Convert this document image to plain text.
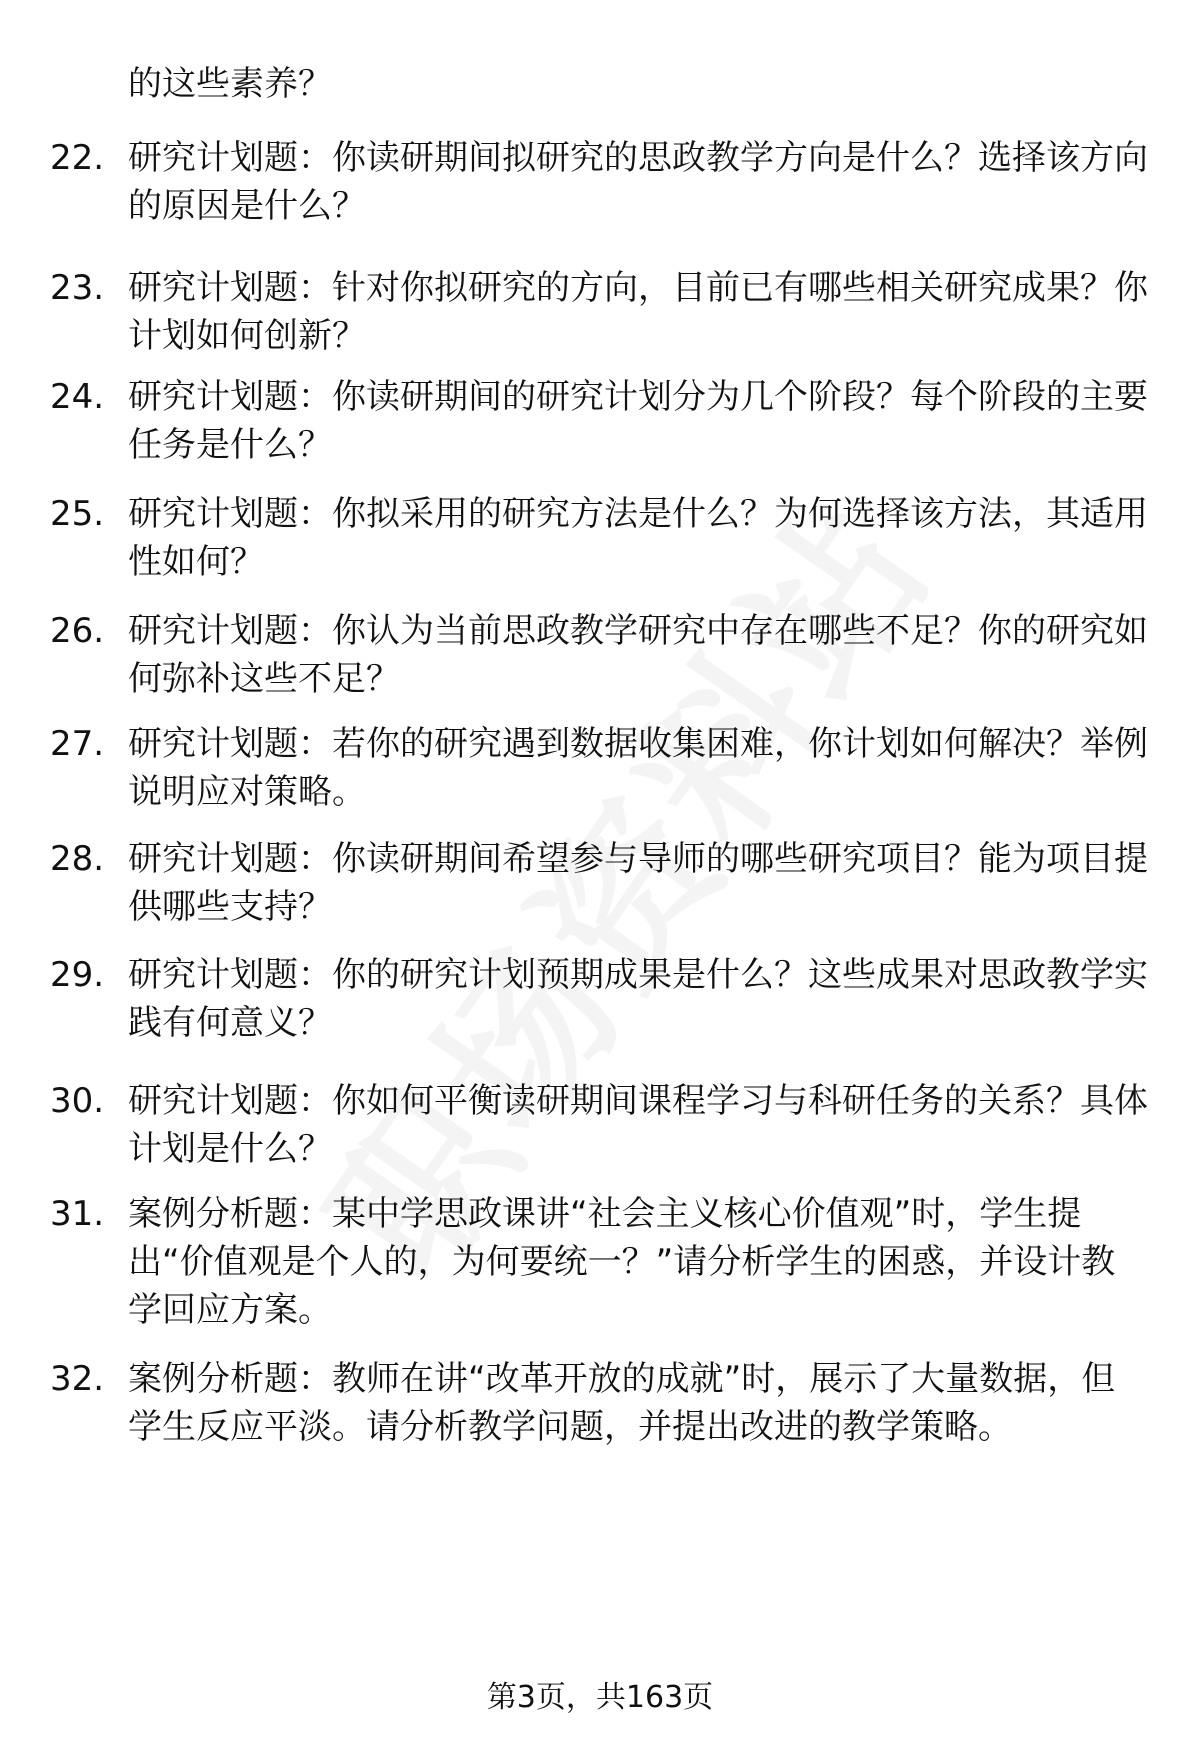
的这些素养？
22. 研究计划题：你读研期间拟研究的思政教学方向是什么？选择该方向的原因是什么？
23. 研究计划题：针对你拟研究的方向，目前已有哪些相关研究成果？你计划如何创新？
24. 研究计划题：你读研期间的研究计划分为几个阶段？每个阶段的主要任务是什么？
25. 研究计划题：你拟采用的研究方法是什么？为何选择该方法，其适用性如何？
26. 研究计划题：你认为当前思政教学研究中存在哪些不足？你的研究如何弥补这些不足？
27. 研究计划题：若你的研究遇到数据收集困难，你计划如何解决？举例说明应对策略。
28. 研究计划题：你读研期间希望参与导师的哪些研究项目？能为项目提供哪些支持？
29. 研究计划题：你的研究计划预期成果是什么？这些成果对思政教学实践有何意义？
30. 研究计划题：你如何平衡读研期间课程学习与科研任务的关系？具体计划是什么？
31. 案例分析题：某中学思政课讲“社会主义核心价值观”时，学生提出“价值观是个人的，为何要统一？”请分析学生的困惑，并设计教学回应方案。
32. 案例分析题：教师在讲“改革开放的成就”时，展示了大量数据，但学生反应平淡。请分析教学问题，并提出改进的教学策略。
第3页，共163页
